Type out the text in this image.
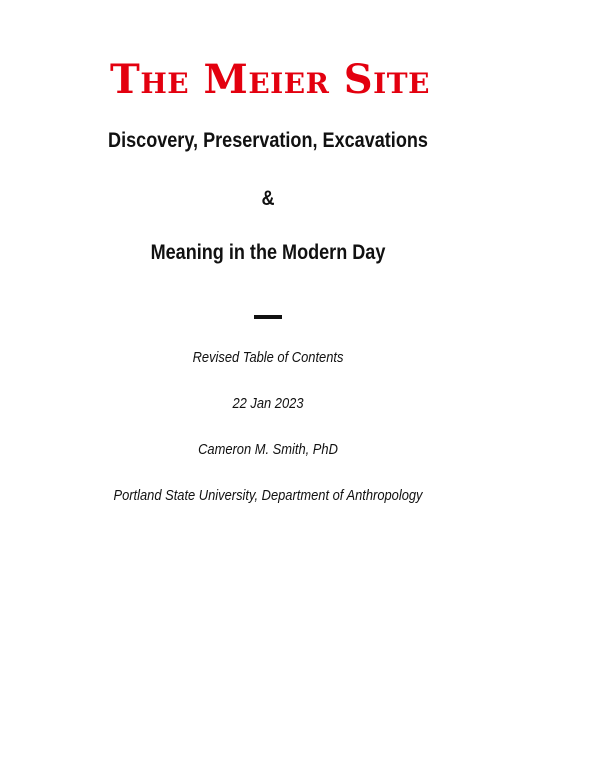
The Meier Site

Discovery, Preservation, Excavations

&

Meaning in the Modern Day

Revised Table of Contents

22 Jan 2023

Cameron M. Smith, PhD

Portland State University, Department of Anthropology
